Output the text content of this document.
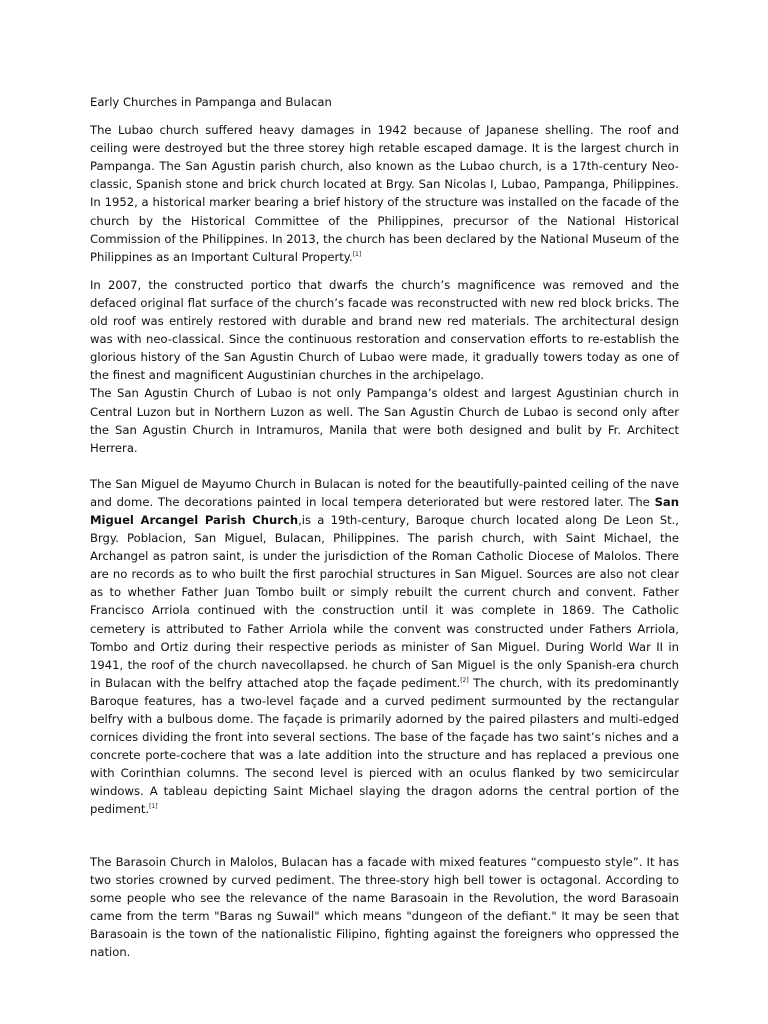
Early Churches in Pampanga and Bulacan

The Lubao church suffered heavy damages in 1942 because of Japanese shelling. The roof and ceiling were destroyed but the three storey high retable escaped damage. It is the largest church in Pampanga. The San Agustin parish church, also known as the Lubao church, is a 17th-century Neo-classic, Spanish stone and brick church located at Brgy. San Nicolas I, Lubao, Pampanga, Philippines. In 1952, a historical marker bearing a brief history of the structure was installed on the facade of the church by the Historical Committee of the Philippines, precursor of the National Historical Commission of the Philippines. In 2013, the church has been declared by the National Museum of the Philippines as an Important Cultural Property.[1]

In 2007, the constructed portico that dwarfs the church’s magnificence was removed and the defaced original flat surface of the church’s facade was reconstructed with new red block bricks. The old roof was entirely restored with durable and brand new red materials. The architectural design was with neo-classical. Since the continuous restoration and conservation efforts to re-establish the glorious history of the San Agustin Church of Lubao were made, it gradually towers today as one of the finest and magnificent Augustinian churches in the archipelago.

The San Agustin Church of Lubao is not only Pampanga’s oldest and largest Agustinian church in Central Luzon but in Northern Luzon as well. The San Agustin Church de Lubao is second only after the San Agustin Church in Intramuros, Manila that were both designed and bulit by Fr. Architect Herrera.

The San Miguel de Mayumo Church in Bulacan is noted for the beautifully-painted ceiling of the nave and dome. The decorations painted in local tempera deteriorated but were restored later. The San Miguel Arcangel Parish Church,is a 19th-century, Baroque church located along De Leon St., Brgy. Poblacion, San Miguel, Bulacan, Philippines. The parish church, with Saint Michael, the Archangel as patron saint, is under the jurisdiction of the Roman Catholic Diocese of Malolos. There are no records as to who built the first parochial structures in San Miguel. Sources are also not clear as to whether Father Juan Tombo built or simply rebuilt the current church and convent. Father Francisco Arriola continued with the construction until it was complete in 1869. The Catholic cemetery is attributed to Father Arriola while the convent was constructed under Fathers Arriola, Tombo and Ortiz during their respective periods as minister of San Miguel. During World War II in 1941, the roof of the church navecollapsed. he church of San Miguel is the only Spanish-era church in Bulacan with the belfry attached atop the façade pediment.[2] The church, with its predominantly Baroque features, has a two-level façade and a curved pediment surmounted by the rectangular belfry with a bulbous dome. The façade is primarily adorned by the paired pilasters and multi-edged cornices dividing the front into several sections. The base of the façade has two saint’s niches and a concrete porte-cochere that was a late addition into the structure and has replaced a previous one with Corinthian columns. The second level is pierced with an oculus flanked by two semicircular windows. A tableau depicting Saint Michael slaying the dragon adorns the central portion of the pediment.[1]

The Barasoin Church in Malolos, Bulacan has a facade with mixed features “compuesto style”. It has two stories crowned by curved pediment. The three-story high bell tower is octagonal. According to some people who see the relevance of the name Barasoain in the Revolution, the word Barasoain came from the term "Baras ng Suwail" which means "dungeon of the defiant." It may be seen that Barasoain is the town of the nationalistic Filipino, fighting against the foreigners who oppressed the nation.
